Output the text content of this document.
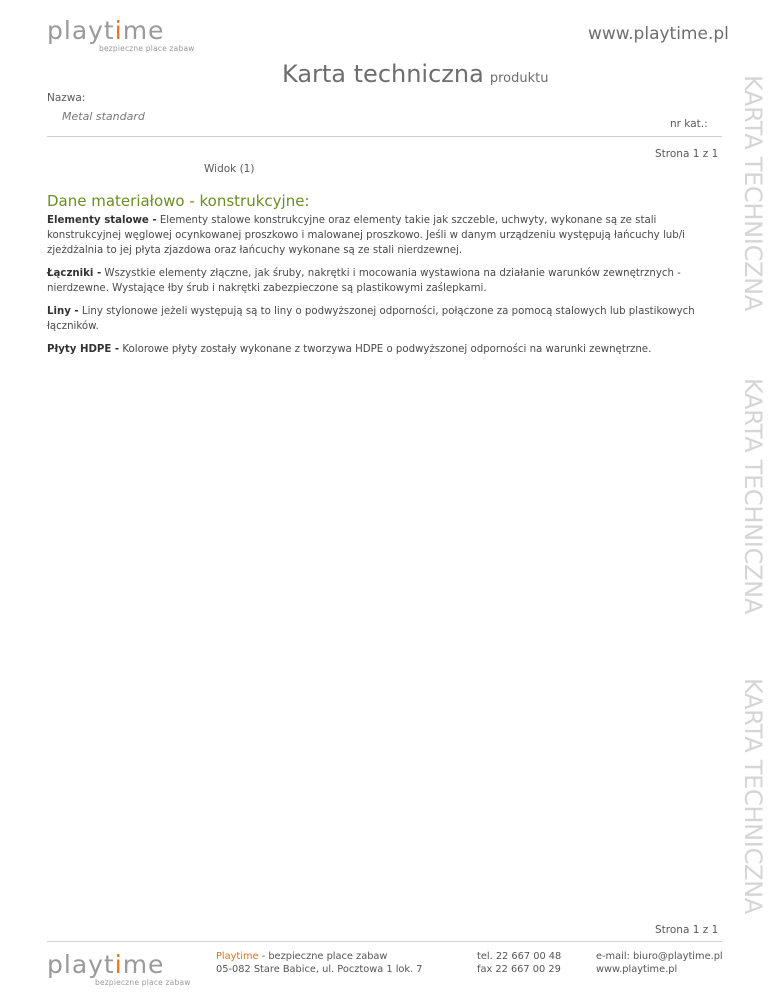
playtime
bezpieczne place zabaw
www.playtime.pl
Karta techniczna produktu
Nazwa:
Metal standard
nr kat.:
Strona 1 z 1
Widok (1)
Dane materiałowo - konstrukcyjne:
Elementy stalowe - Elementy stalowe konstrukcyjne oraz elementy takie jak szczeble, uchwyty, wykonane są ze stali konstrukcyjnej węglowej ocynkowanej proszkowo i malowanej proszkowo. Jeśli w danym urządzeniu występują łańcuchy lub/i zjeżdżalnia to jej płyta zjazdowa oraz łańcuchy wykonane są ze stali nierdzewnej.
Łączniki - Wszystkie elementy złączne, jak śruby, nakrętki i mocowania wystawiona na działanie warunków zewnętrznych - nierdzewne. Wystające łby śrub i nakrętki zabezpieczone są plastikowymi zaślepkami.
Liny - Liny stylonowe jeżeli występują są to liny o podwyższonej odporności, połączone za pomocą stalowych lub plastikowych łączników.
Płyty HDPE - Kolorowe płyty zostały wykonane z tworzywa HDPE o podwyższonej odporności na warunki zewnętrzne.
KARTA TECHNICZNA
KARTA TECHNICZNA
KARTA TECHNICZNA
Strona 1 z 1
playtime
bezpieczne place zabaw
Playtime - bezpieczne place zabaw
05-082 Stare Babice, ul. Pocztowa 1 lok. 7
tel. 22 667 00 48
fax 22 667 00 29
e-mail: biuro@playtime.pl
www.playtime.pl
